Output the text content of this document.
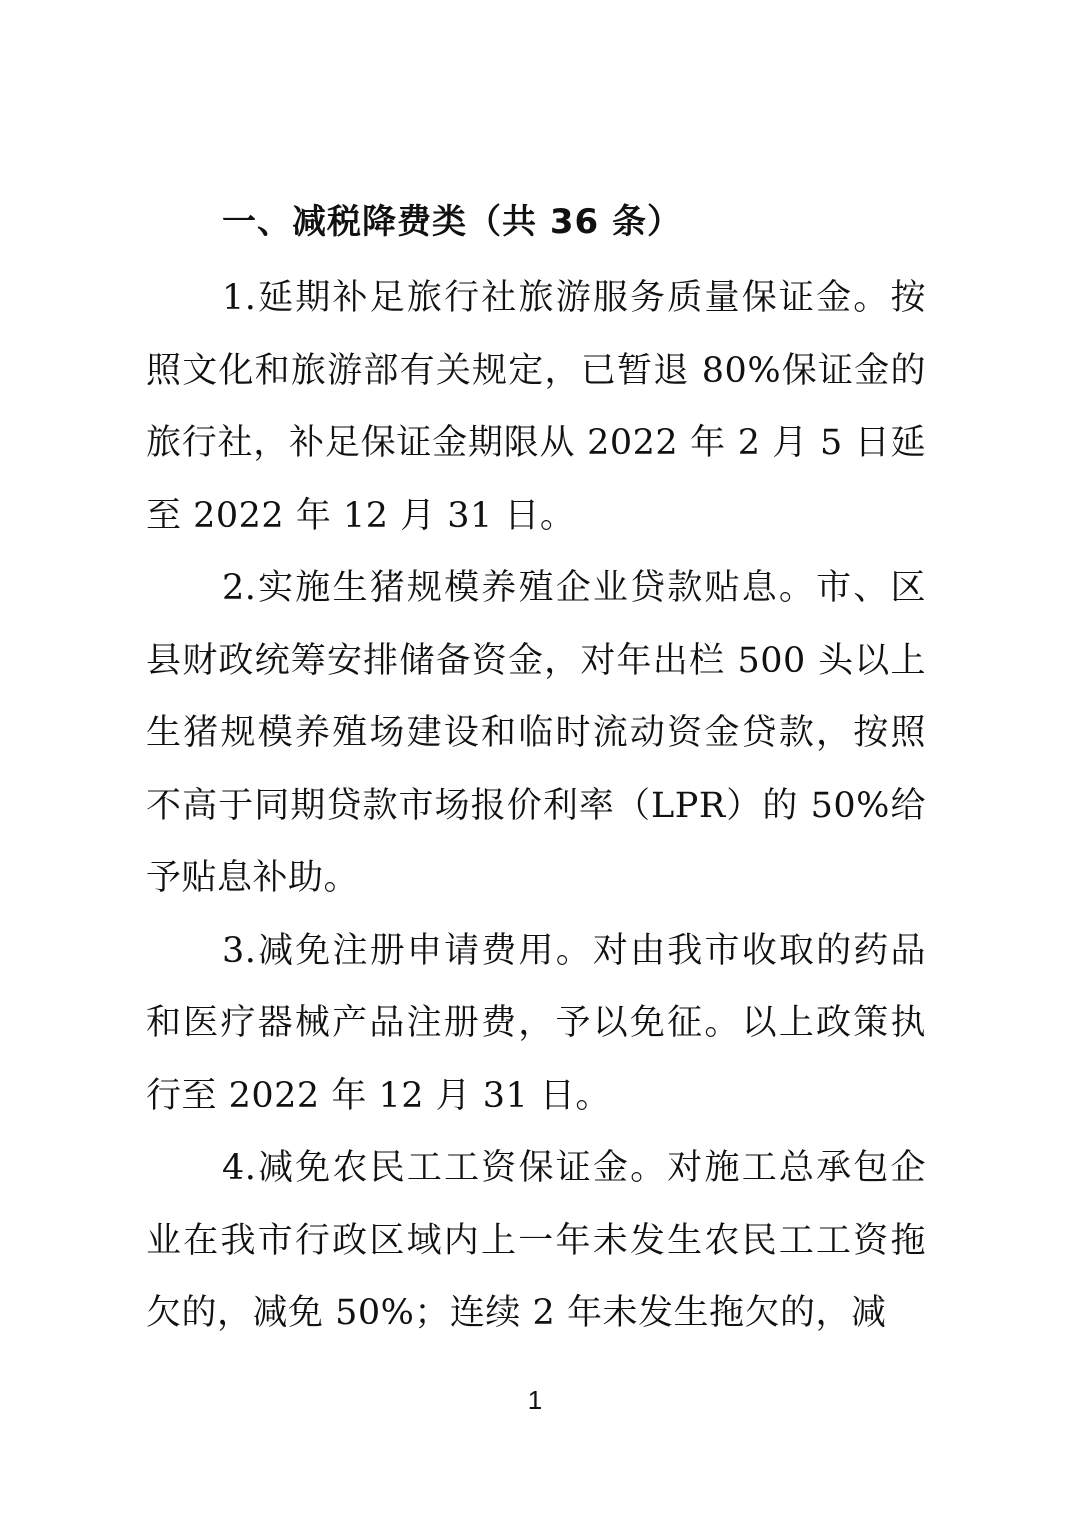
一、减税降费类（共 36 条）

1.延期补足旅行社旅游服务质量保证金。按照文化和旅游部有关规定，已暂退 80%保证金的旅行社，补足保证金期限从 2022 年 2 月 5 日延至 2022 年 12 月 31 日。

2.实施生猪规模养殖企业贷款贴息。市、区县财政统筹安排储备资金，对年出栏 500 头以上生猪规模养殖场建设和临时流动资金贷款，按照不高于同期贷款市场报价利率（LPR）的 50%给予贴息补助。

3.减免注册申请费用。对由我市收取的药品和医疗器械产品注册费，予以免征。以上政策执行至 2022 年 12 月 31 日。

4.减免农民工工资保证金。对施工总承包企业在我市行政区域内上一年未发生农民工工资拖欠的，减免 50%；连续 2 年未发生拖欠的，减

1
